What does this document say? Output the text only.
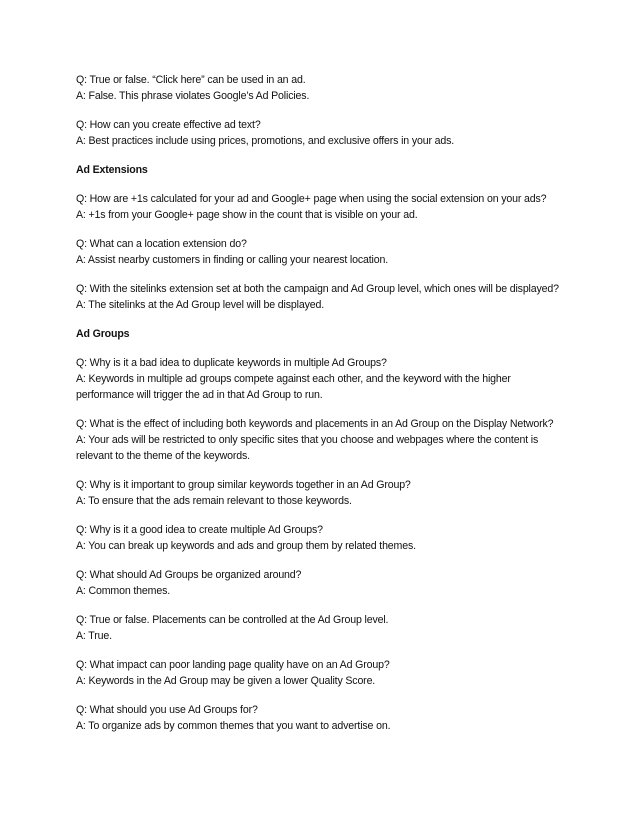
Q: True or false. “Click here” can be used in an ad.
A: False. This phrase violates Google’s Ad Policies.
Q: How can you create effective ad text?
A: Best practices include using prices, promotions, and exclusive offers in your ads.
Ad Extensions
Q: How are +1s calculated for your ad and Google+ page when using the social extension on your ads?
A: +1s from your Google+ page show in the count that is visible on your ad.
Q: What can a location extension do?
A: Assist nearby customers in finding or calling your nearest location.
Q: With the sitelinks extension set at both the campaign and Ad Group level, which ones will be displayed?
A: The sitelinks at the Ad Group level will be displayed.
Ad Groups
Q: Why is it a bad idea to duplicate keywords in multiple Ad Groups?
A: Keywords in multiple ad groups compete against each other, and the keyword with the higher performance will trigger the ad in that Ad Group to run.
Q: What is the effect of including both keywords and placements in an Ad Group on the Display Network?
A: Your ads will be restricted to only specific sites that you choose and webpages where the content is relevant to the theme of the keywords.
Q: Why is it important to group similar keywords together in an Ad Group?
A: To ensure that the ads remain relevant to those keywords.
Q: Why is it a good idea to create multiple Ad Groups?
A: You can break up keywords and ads and group them by related themes.
Q: What should Ad Groups be organized around?
A: Common themes.
Q: True or false. Placements can be controlled at the Ad Group level.
A: True.
Q: What impact can poor landing page quality have on an Ad Group?
A: Keywords in the Ad Group may be given a lower Quality Score.
Q: What should you use Ad Groups for?
A: To organize ads by common themes that you want to advertise on.
